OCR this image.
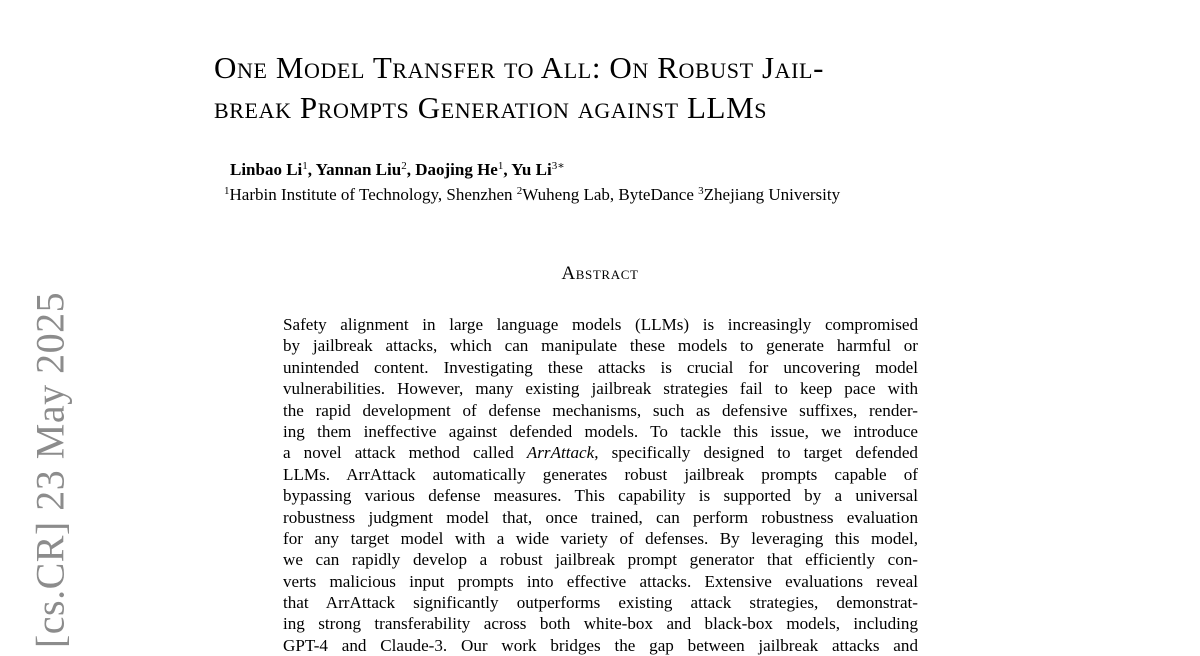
[cs.CR] 23 May 2025
One Model Transfer to All: On Robust Jail-
break Prompts Generation against LLMs
Linbao Li$^1$, Yannan Liu$^2$, Daojing He$^1$, Yu $Li^{3∗}$
$^1$Harbin Institute of Technology, Shenzhen $^2$Wuheng Lab, ByteDance $^3$Zhejiang University
Abstract
Safety alignment in large language models (LLMs) is increasingly compromised
by jailbreak attacks, which can manipulate these models to generate harmful or
unintended content. Investigating these attacks is crucial for uncovering model
vulnerabilities. However, many existing jailbreak strategies fail to keep pace with
the rapid development of defense mechanisms, such as defensive suffixes, render-
ing them ineffective against defended models. To tackle this issue, we introduce
a novel attack method called ArrAttack, specifically designed to target defended
LLMs. ArrAttack automatically generates robust jailbreak prompts capable of
bypassing various defense measures. This capability is supported by a universal
robustness judgment model that, once trained, can perform robustness evaluation
for any target model with a wide variety of defenses. By leveraging this model,
we can rapidly develop a robust jailbreak prompt generator that efficiently con-
verts malicious input prompts into effective attacks. Extensive evaluations reveal
that ArrAttack significantly outperforms existing attack strategies, demonstrat-
ing strong transferability across both white-box and black-box models, including
GPT-4 and Claude-3. Our work bridges the gap between jailbreak attacks and
